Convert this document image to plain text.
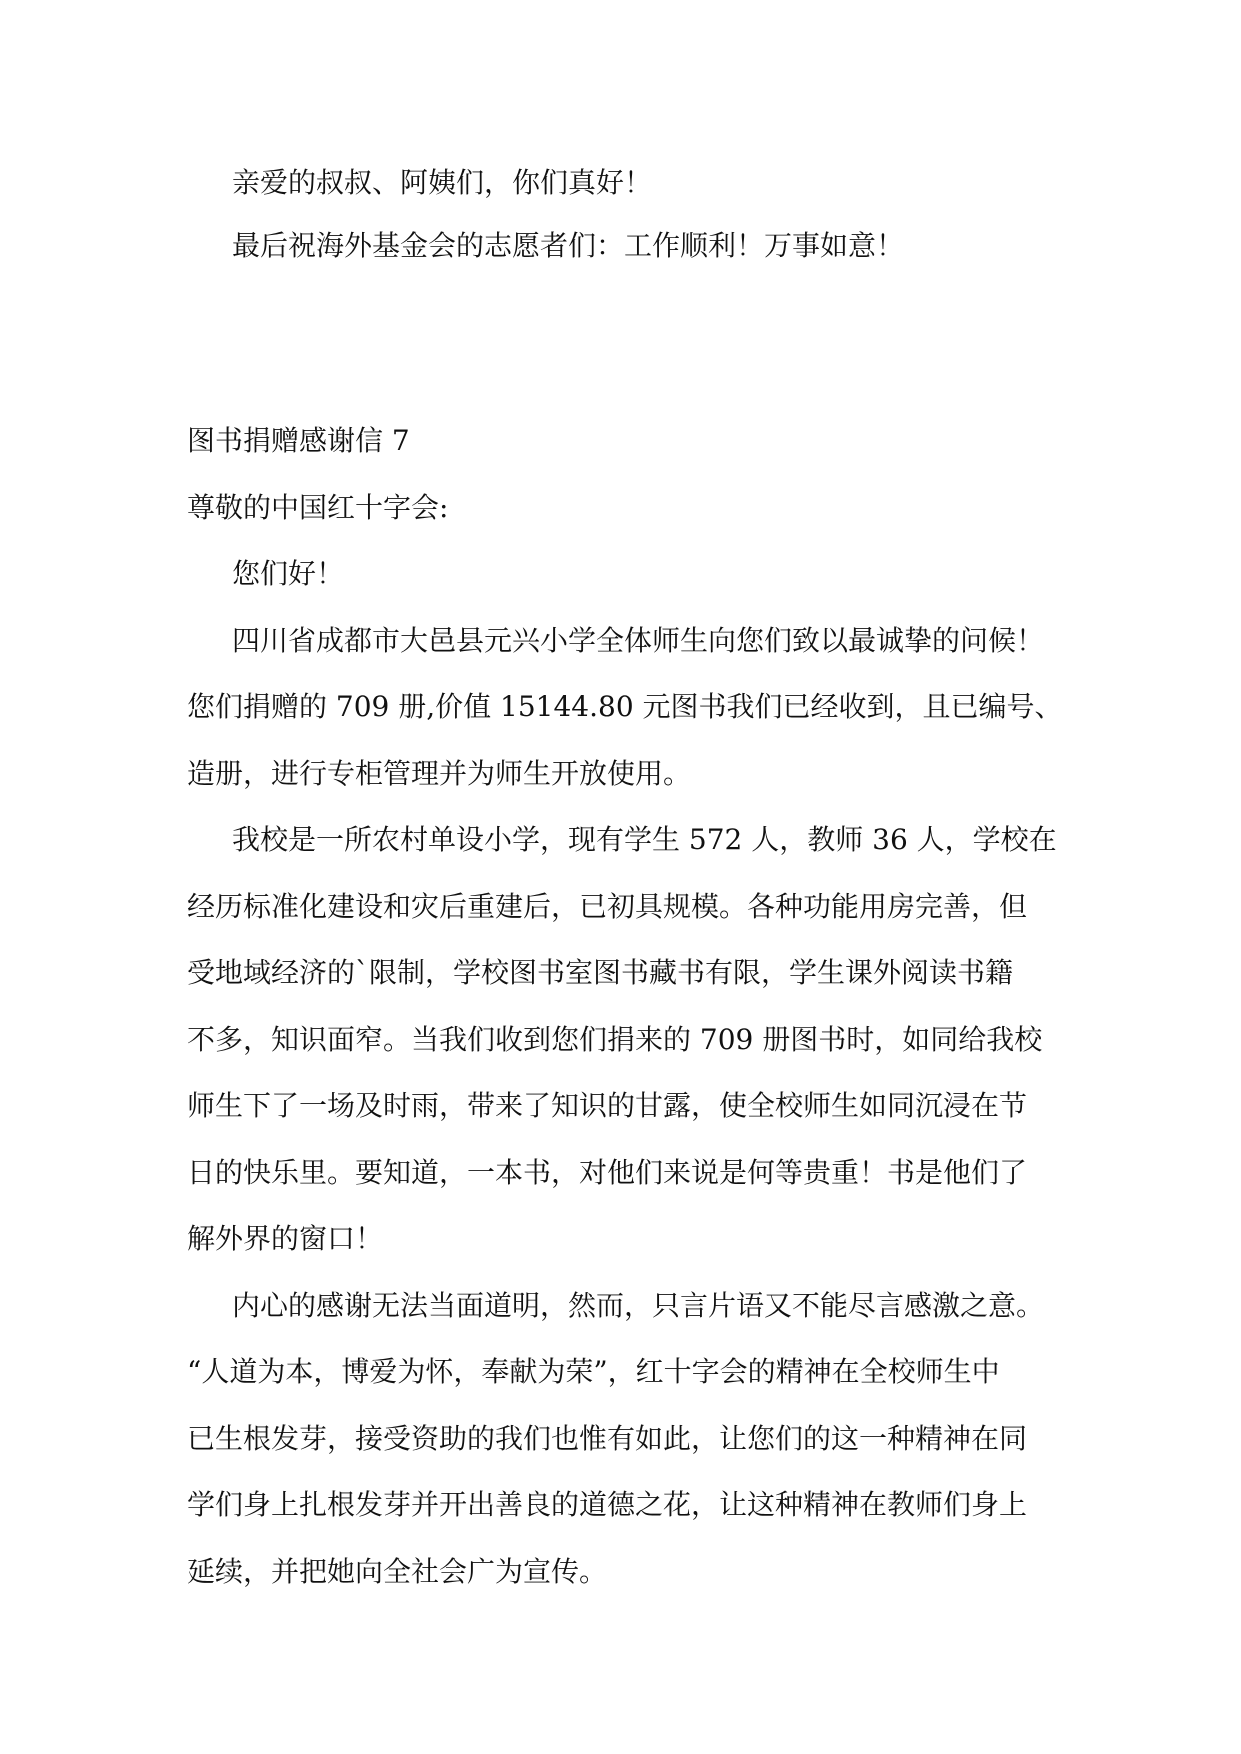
亲爱的叔叔、阿姨们，你们真好！
最后祝海外基金会的志愿者们：工作顺利！万事如意！
图书捐赠感谢信 7
尊敬的中国红十字会:
您们好！
四川省成都市大邑县元兴小学全体师生向您们致以最诚挚的问候！
您们捐赠的 709 册,价值 15144.80 元图书我们已经收到，且已编号、
造册，进行专柜管理并为师生开放使用。
我校是一所农村单设小学，现有学生 572 人，教师 36 人，学校在
经历标准化建设和灾后重建后，已初具规模。各种功能用房完善，但
受地域经济的`限制，学校图书室图书藏书有限，学生课外阅读书籍
不多，知识面窄。当我们收到您们捐来的 709 册图书时，如同给我校
师生下了一场及时雨，带来了知识的甘露，使全校师生如同沉浸在节
日的快乐里。要知道，一本书，对他们来说是何等贵重！书是他们了
解外界的窗口！
内心的感谢无法当面道明，然而，只言片语又不能尽言感激之意。
“人道为本，博爱为怀，奉献为荣”，红十字会的精神在全校师生中
已生根发芽，接受资助的我们也惟有如此，让您们的这一种精神在同
学们身上扎根发芽并开出善良的道德之花，让这种精神在教师们身上
延续，并把她向全社会广为宣传。
